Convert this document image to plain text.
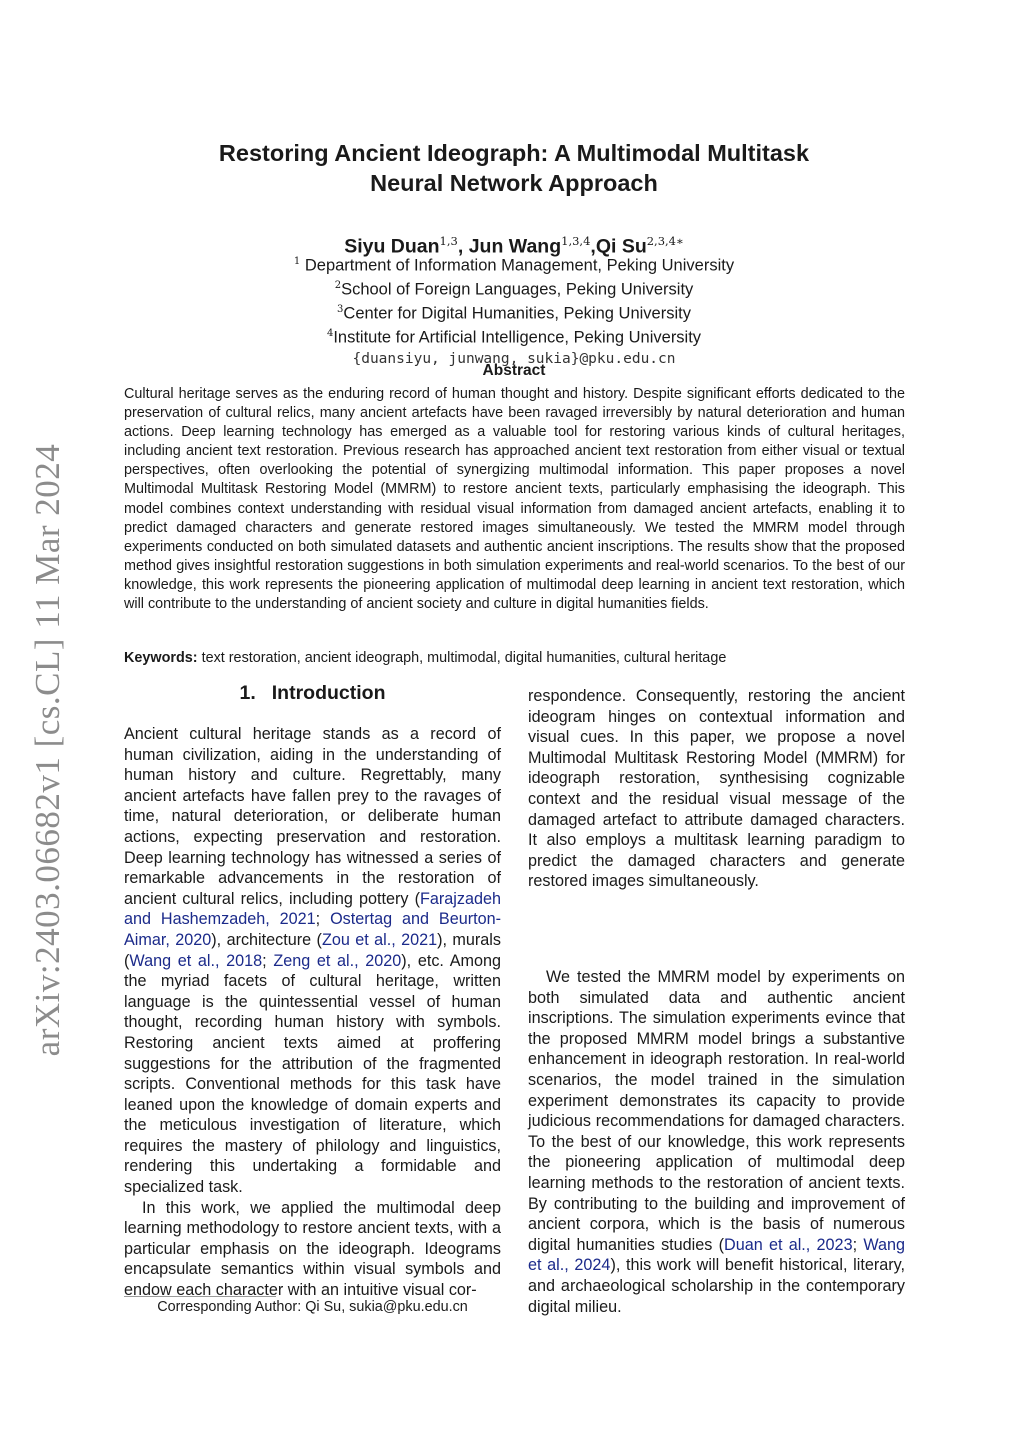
arXiv:2403.06682v1 [cs.CL] 11 Mar 2024
Restoring Ancient Ideograph: A Multimodal Multitask
Neural Network Approach
Siyu Duan$^{1,3}$, Jun Wang$^{1,3,4}$,Qi $Su^{2,3,4∗}$
$^1$ Department of Information Management, Peking University
$^2$School of Foreign Languages, Peking University
$^3$Center for Digital Humanities, Peking University
$^4$Institute for Artificial Intelligence, Peking University
{duansiyu, junwang, sukia}@pku.edu.cn
Abstract
Cultural heritage serves as the enduring record of human thought and history. Despite significant efforts dedicated to the preservation of cultural relics, many ancient artefacts have been ravaged irreversibly by natural deterioration and human actions. Deep learning technology has emerged as a valuable tool for restoring various kinds of cultural heritages, including ancient text restoration. Previous research has approached ancient text restoration from either visual or textual perspectives, often overlooking the potential of synergizing multimodal information. This paper proposes a novel Multimodal Multitask Restoring Model (MMRM) to restore ancient texts, particularly emphasising the ideograph. This model combines context understanding with residual visual information from damaged ancient artefacts, enabling it to predict damaged characters and generate restored images simultaneously. We tested the MMRM model through experiments conducted on both simulated datasets and authentic ancient inscriptions. The results show that the proposed method gives insightful restoration suggestions in both simulation experiments and real-world scenarios. To the best of our knowledge, this work represents the pioneering application of multimodal deep learning in ancient text restoration, which will contribute to the understanding of ancient society and culture in digital humanities fields.
Keywords: text restoration, ancient ideograph, multimodal, digital humanities, cultural heritage
1. Introduction

Ancient cultural heritage stands as a record of human civilization, aiding in the understanding of human history and culture. Regrettably, many ancient artefacts have fallen prey to the ravages of time, natural deterioration, or deliberate human actions, expecting preservation and restoration. Deep learning technology has witnessed a series of remarkable advancements in the restoration of ancient cultural relics, including pottery (Farajzadeh and Hashemzadeh, 2021; Ostertag and Beurton-Aimar, 2020), architecture (Zou et al., 2021), murals (Wang et al., 2018; Zeng et al., 2020), etc. Among the myriad facets of cultural heritage, written language is the quintessential vessel of human thought, recording human history with symbols. Restoring ancient texts aimed at proffering suggestions for the attribution of the fragmented scripts. Conventional methods for this task have leaned upon the knowledge of domain experts and the meticulous investigation of literature, which requires the mastery of philology and linguistics, rendering this undertaking a formidable and specialized task.

In this work, we applied the multimodal deep learning methodology to restore ancient texts, with a particular emphasis on the ideograph. Ideograms encapsulate semantics within visual symbols and endow each character with an intuitive visual cor-

respondence. Consequently, restoring the ancient ideogram hinges on contextual information and visual cues. In this paper, we propose a novel Multimodal Multitask Restoring Model (MMRM) for ideograph restoration, synthesising cognizable context and the residual visual message of the damaged artefact to attribute damaged characters. It also employs a multitask learning paradigm to predict the damaged characters and generate restored images simultaneously.

We tested the MMRM model by experiments on both simulated data and authentic ancient inscriptions. The simulation experiments evince that the proposed MMRM model brings a substantive enhancement in ideograph restoration. In real-world scenarios, the model trained in the simulation experiment demonstrates its capacity to provide judicious recommendations for damaged characters. To the best of our knowledge, this work represents the pioneering application of multimodal deep learning methods to the restoration of ancient texts. By contributing to the building and improvement of ancient corpora, which is the basis of numerous digital humanities studies (Duan et al., 2023; Wang et al., 2024), this work will benefit historical, literary, and archaeological scholarship in the contemporary digital milieu.

Corresponding Author: Qi Su, sukia@pku.edu.cn
